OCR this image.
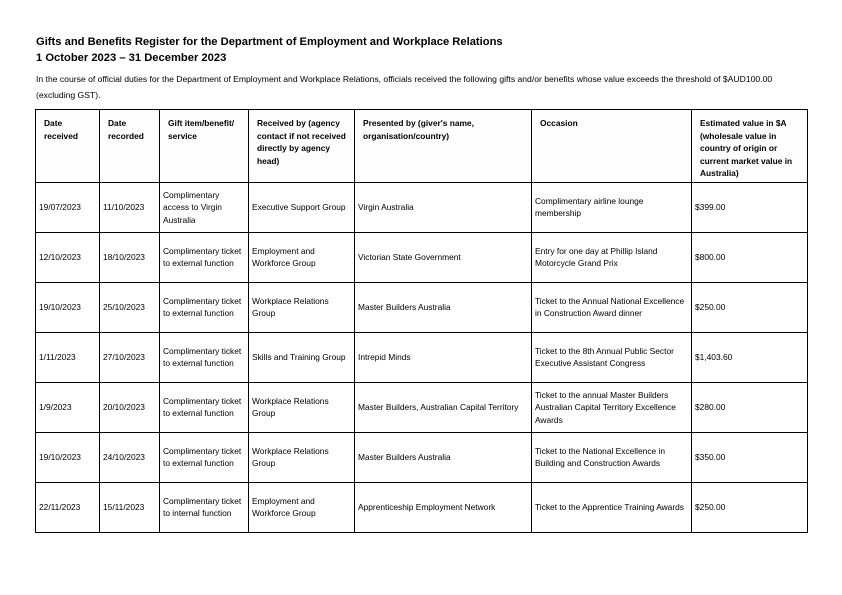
Gifts and Benefits Register for the Department of Employment and Workplace Relations
1 October 2023 – 31 December 2023
In the course of official duties for the Department of Employment and Workplace Relations, officials received the following gifts and/or benefits whose value exceeds the threshold of $AUD100.00 (excluding GST).
Date received	Date recorded	Gift item/benefit/ service	Received by (agency contact if not received directly by agency head)	Presented by (giver's name, organisation/country)	Occasion	Estimated value in $A (wholesale value in country of origin or current market value in Australia)
19/07/2023	11/10/2023	Complimentary access to Virgin Australia	Executive Support Group	Virgin Australia	Complimentary airline lounge membership	$399.00
12/10/2023	18/10/2023	Complimentary ticket to external function	Employment and Workforce Group	Victorian State Government	Entry for one day at Phillip Island Motorcycle Grand Prix	$800.00
19/10/2023	25/10/2023	Complimentary ticket to external function	Workplace Relations Group	Master Builders Australia	Ticket to the Annual National Excellence in Construction Award dinner	$250.00
1/11/2023	27/10/2023	Complimentary ticket to external function	Skills and Training Group	Intrepid Minds	Ticket to the 8th Annual Public Sector Executive Assistant Congress	$1,403.60
1/9/2023	20/10/2023	Complimentary ticket to external function	Workplace Relations Group	Master Builders, Australian Capital Territory	Ticket to the annual Master Builders Australian Capital Territory Excellence Awards	$280.00
19/10/2023	24/10/2023	Complimentary ticket to external function	Workplace Relations Group	Master Builders Australia	Ticket to the National Excellence in Building and Construction Awards	$350.00
22/11/2023	15/11/2023	Complimentary ticket to internal function	Employment and Workforce Group	Apprenticeship Employment Network	Ticket to the Apprentice Training Awards	$250.00
